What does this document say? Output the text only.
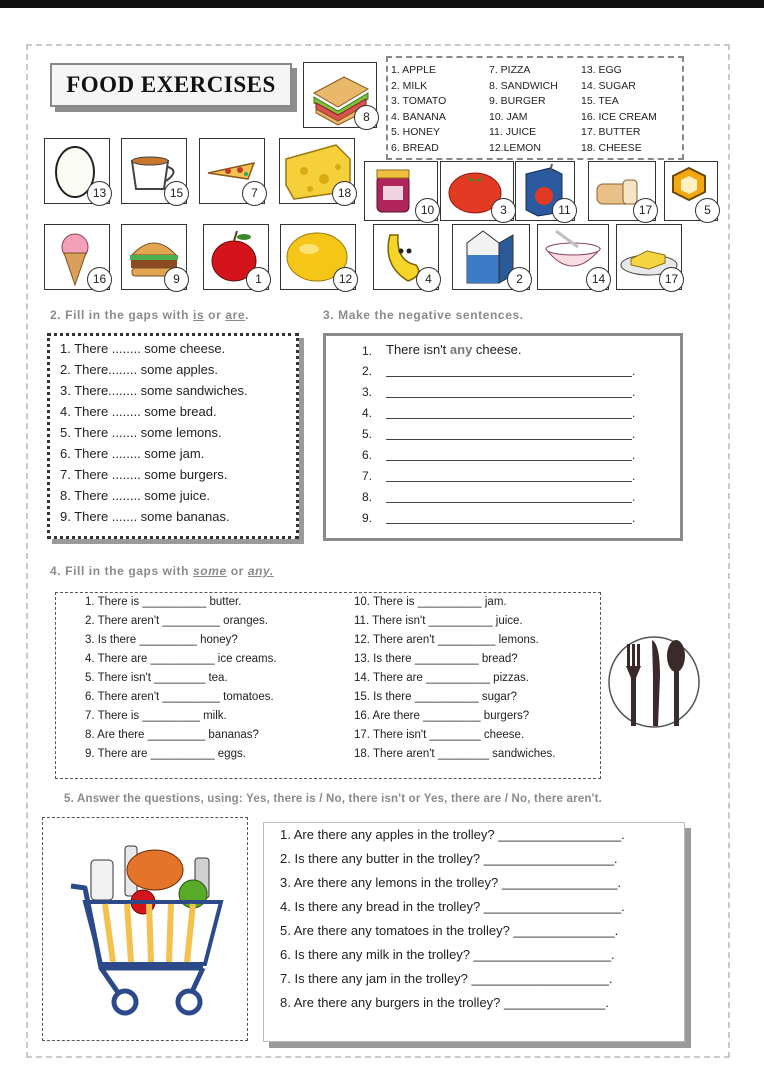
FOOD EXERCISES
8
1. APPLE
2. MILK
3. TOMATO
4. BANANA
5. HONEY
6. BREAD
7. PIZZA
8. SANDWICH
9. BURGER
10. JAM
11. JUICE
12.LEMON
13. EGG
14. SUGAR
15. TEA
16. ICE CREAM
17. BUTTER
18. CHEESE
13	15	7	18
10	3	11	17	5
16	9	1	12	4	2	14	17
2. Fill in the gaps with is or are.
1. There ........ some cheese.
2. There........ some apples.
3. There........ some sandwiches.
4. There ........ some bread.
5. There ....... some lemons.
6. There ........ some jam.
7. There ........ some burgers.
8. There ........ some juice.
9. There ....... some bananas.
3. Make the negative sentences.
1. There isn't any cheese.
2.	.
3.	.
4.	.
5.	.
6.	.
7.	.
8.	.
9.	.
4. Fill in the gaps with some or any.
1. There is __________ butter.
2. There aren't _________ oranges.
3. Is there _________ honey?
4. There are __________ ice creams.
5. There isn't ________ tea.
6. There aren't _________ tomatoes.
7. There is _________ milk.
8. Are there _________ bananas?
9. There are __________ eggs.
10. There is __________ jam.
11. There isn't __________ juice.
12. There aren't _________ lemons.
13. Is there __________ bread?
14. There are __________ pizzas.
15. Is there __________ sugar?
16. Are there _________ burgers?
17. There isn't ________ cheese.
18. There aren't ________ sandwiches.
5. Answer the questions, using: Yes, there is / No, there isn't or Yes, there are / No, there aren't.
1. Are there any apples in the trolley? _________________.
2. Is there any butter in the trolley? __________________.
3. Are there any lemons in the trolley? ________________.
4. Is there any bread in the trolley? ___________________.
5. Are there any tomatoes in the trolley? ______________.
6. Is there any milk in the trolley? ___________________.
7. Is there any jam in the trolley? ___________________.
8. Are there any burgers in the trolley? ______________.
